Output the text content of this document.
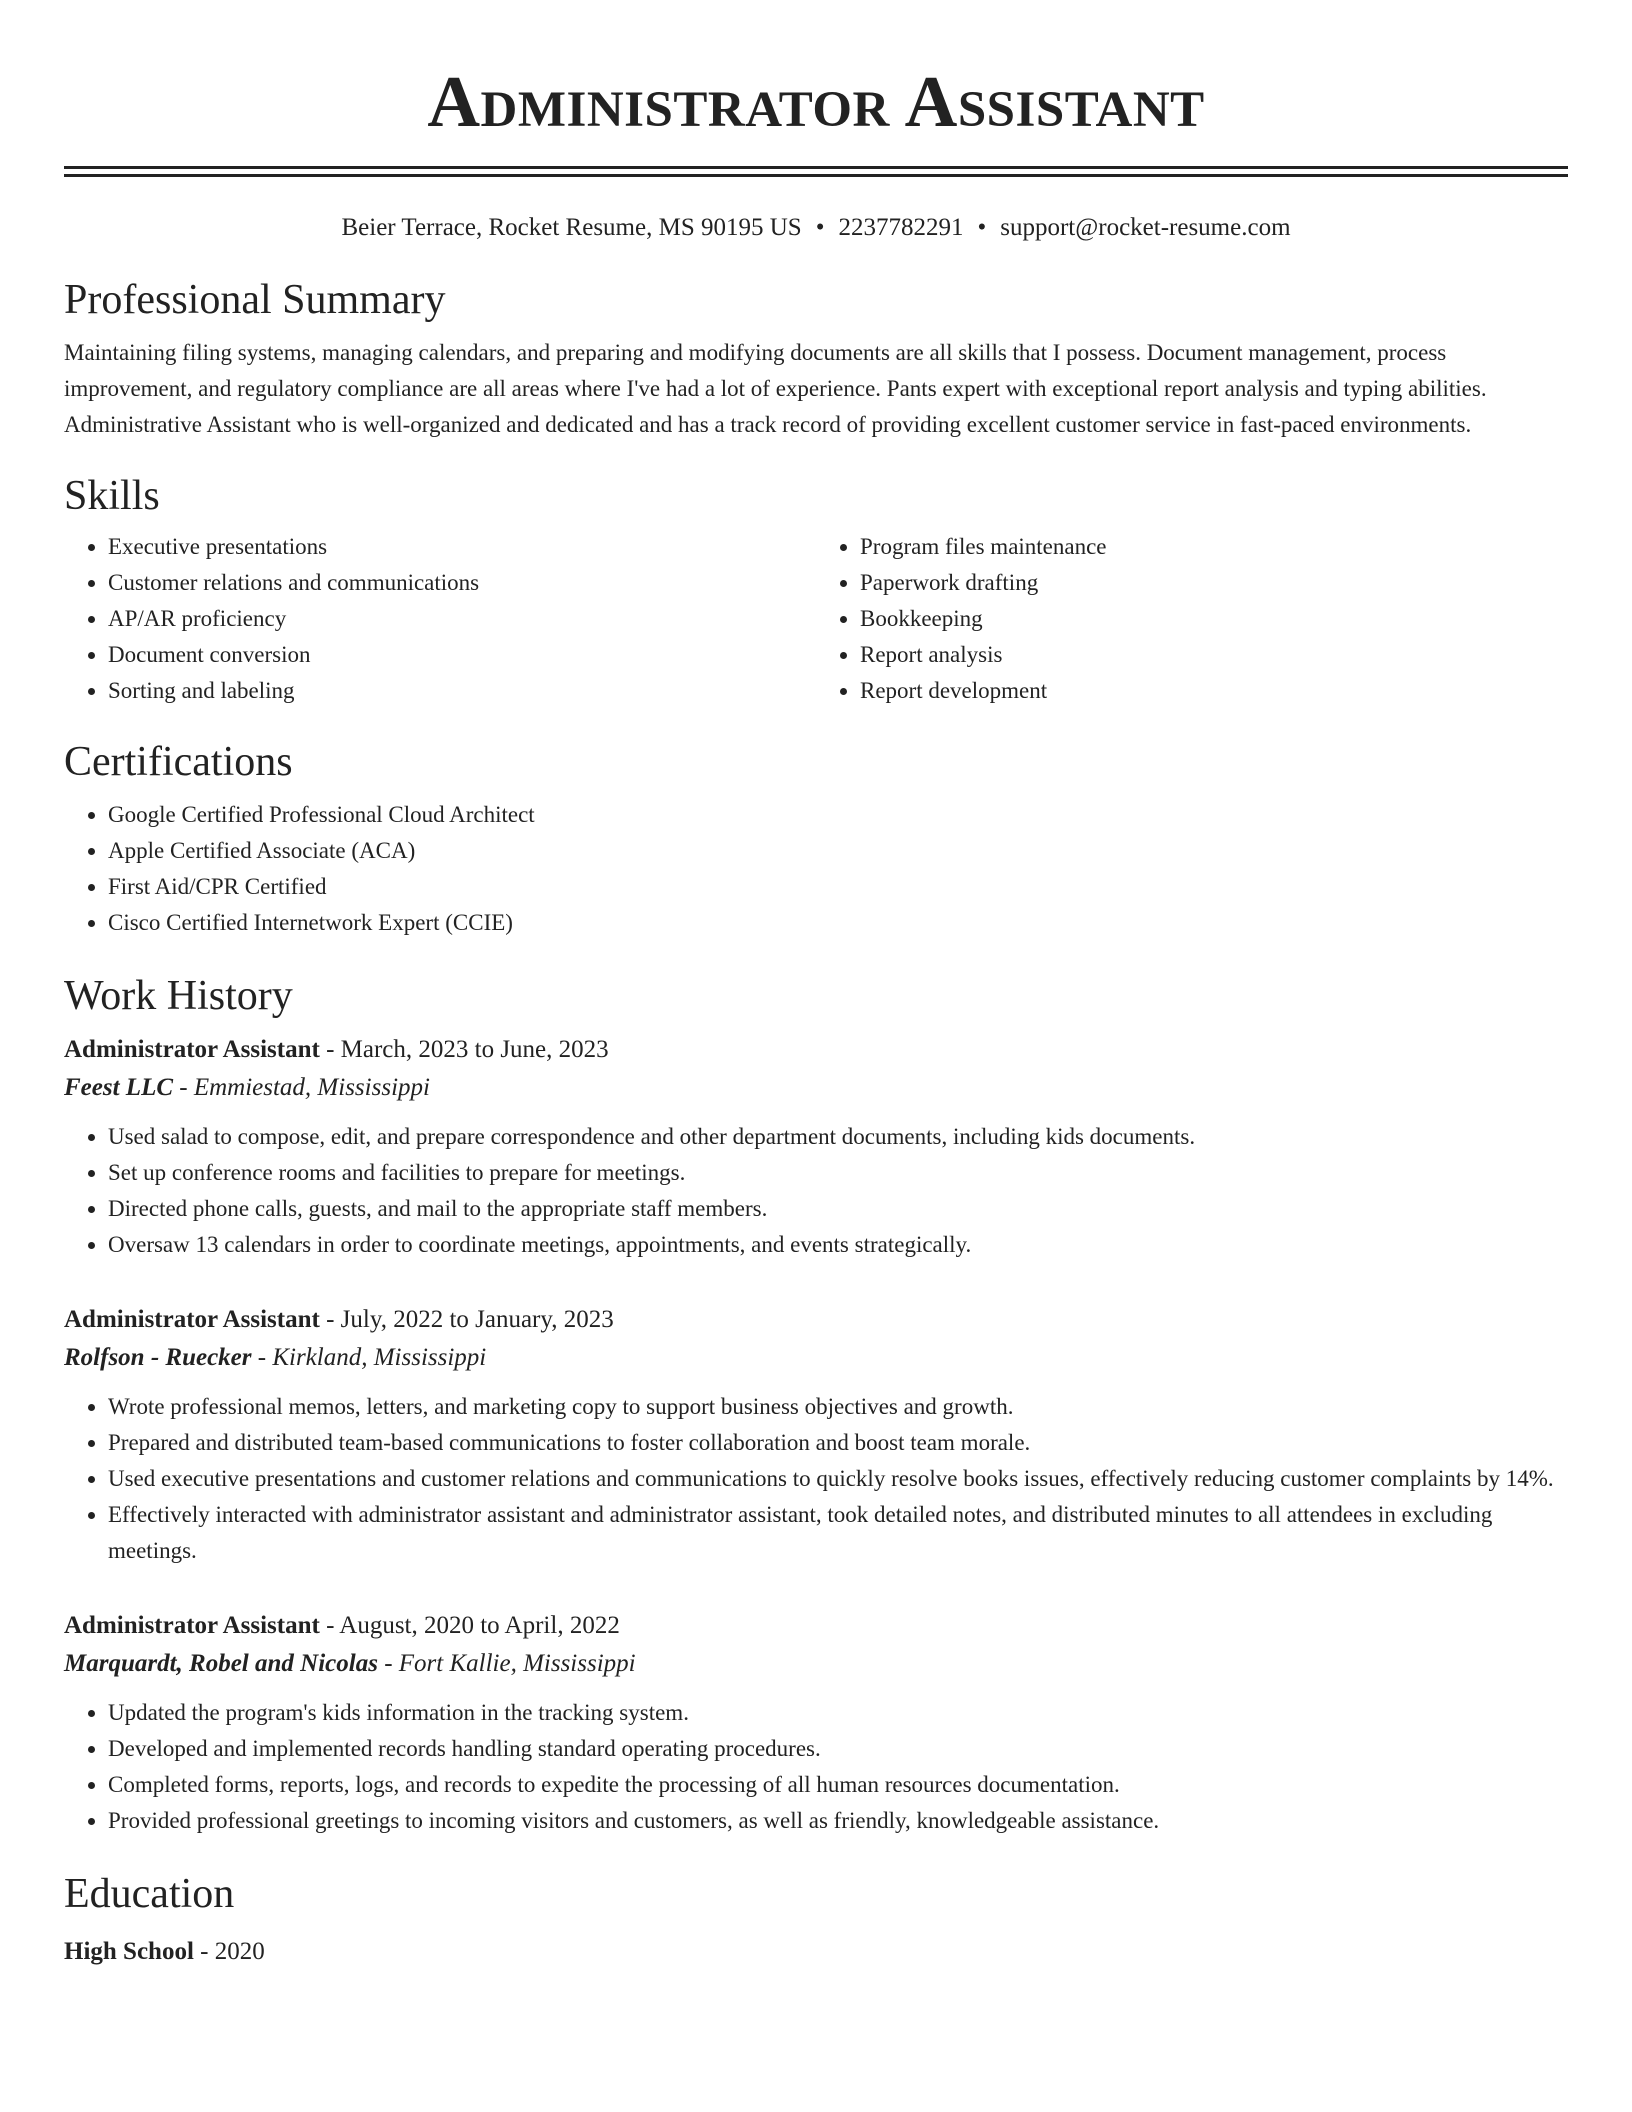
Administrator Assistant
Beier Terrace, Rocket Resume, MS 90195 US • 2237782291 • support@rocket-resume.com
Professional Summary
Maintaining filing systems, managing calendars, and preparing and modifying documents are all skills that I possess. Document management, process improvement, and regulatory compliance are all areas where I've had a lot of experience. Pants expert with exceptional report analysis and typing abilities. Administrative Assistant who is well-organized and dedicated and has a track record of providing excellent customer service in fast-paced environments.
Skills
• Executive presentations
• Customer relations and communications
• AP/AR proficiency
• Document conversion
• Sorting and labeling
• Program files maintenance
• Paperwork drafting
• Bookkeeping
• Report analysis
• Report development
Certifications
• Google Certified Professional Cloud Architect
• Apple Certified Associate (ACA)
• First Aid/CPR Certified
• Cisco Certified Internetwork Expert (CCIE)
Work History
Administrator Assistant - March, 2023 to June, 2023
Feest LLC - Emmiestad, Mississippi
• Used salad to compose, edit, and prepare correspondence and other department documents, including kids documents.
• Set up conference rooms and facilities to prepare for meetings.
• Directed phone calls, guests, and mail to the appropriate staff members.
• Oversaw 13 calendars in order to coordinate meetings, appointments, and events strategically.
Administrator Assistant - July, 2022 to January, 2023
Rolfson - Ruecker - Kirkland, Mississippi
• Wrote professional memos, letters, and marketing copy to support business objectives and growth.
• Prepared and distributed team-based communications to foster collaboration and boost team morale.
• Used executive presentations and customer relations and communications to quickly resolve books issues, effectively reducing customer complaints by 14%.
• Effectively interacted with administrator assistant and administrator assistant, took detailed notes, and distributed minutes to all attendees in excluding meetings.
Administrator Assistant - August, 2020 to April, 2022
Marquardt, Robel and Nicolas - Fort Kallie, Mississippi
• Updated the program's kids information in the tracking system.
• Developed and implemented records handling standard operating procedures.
• Completed forms, reports, logs, and records to expedite the processing of all human resources documentation.
• Provided professional greetings to incoming visitors and customers, as well as friendly, knowledgeable assistance.
Education
High School - 2020
